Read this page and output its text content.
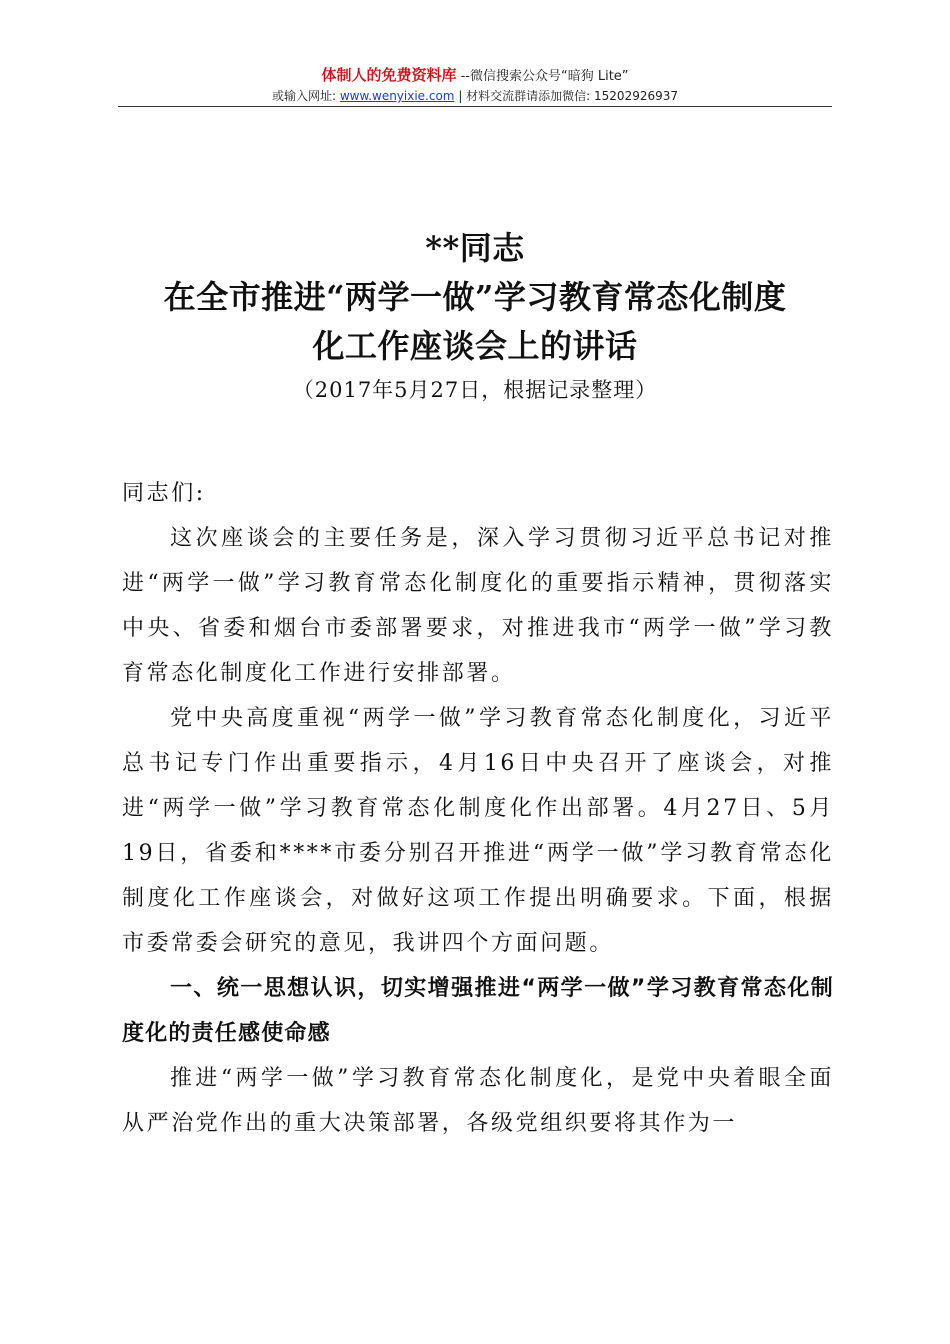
体制人的免费资料库 --微信搜索公众号“暗狗 Lite”
或输入网址: www.wenyixie.com | 材料交流群请添加微信: 15202926937
**同志
在全市推进“两学一做”学习教育常态化制度
化工作座谈会上的讲话
（2017年5月27日，根据记录整理）

同志们:

这次座谈会的主要任务是，深入学习贯彻习近平总书记对推进“两学一做”学习教育常态化制度化的重要指示精神，贯彻落实中央、省委和烟台市委部署要求，对推进我市“两学一做”学习教育常态化制度化工作进行安排部署。

党中央高度重视“两学一做”学习教育常态化制度化，习近平总书记专门作出重要指示，4月16日中央召开了座谈会，对推进“两学一做”学习教育常态化制度化作出部署。4月27日、5月19日，省委和****市委分别召开推进“两学一做”学习教育常态化制度化工作座谈会，对做好这项工作提出明确要求。下面，根据市委常委会研究的意见，我讲四个方面问题。

一、统一思想认识，切实增强推进“两学一做”学习教育常态化制度化的责任感使命感

推进“两学一做”学习教育常态化制度化，是党中央着眼全面从严治党作出的重大决策部署，各级党组织要将其作为一
